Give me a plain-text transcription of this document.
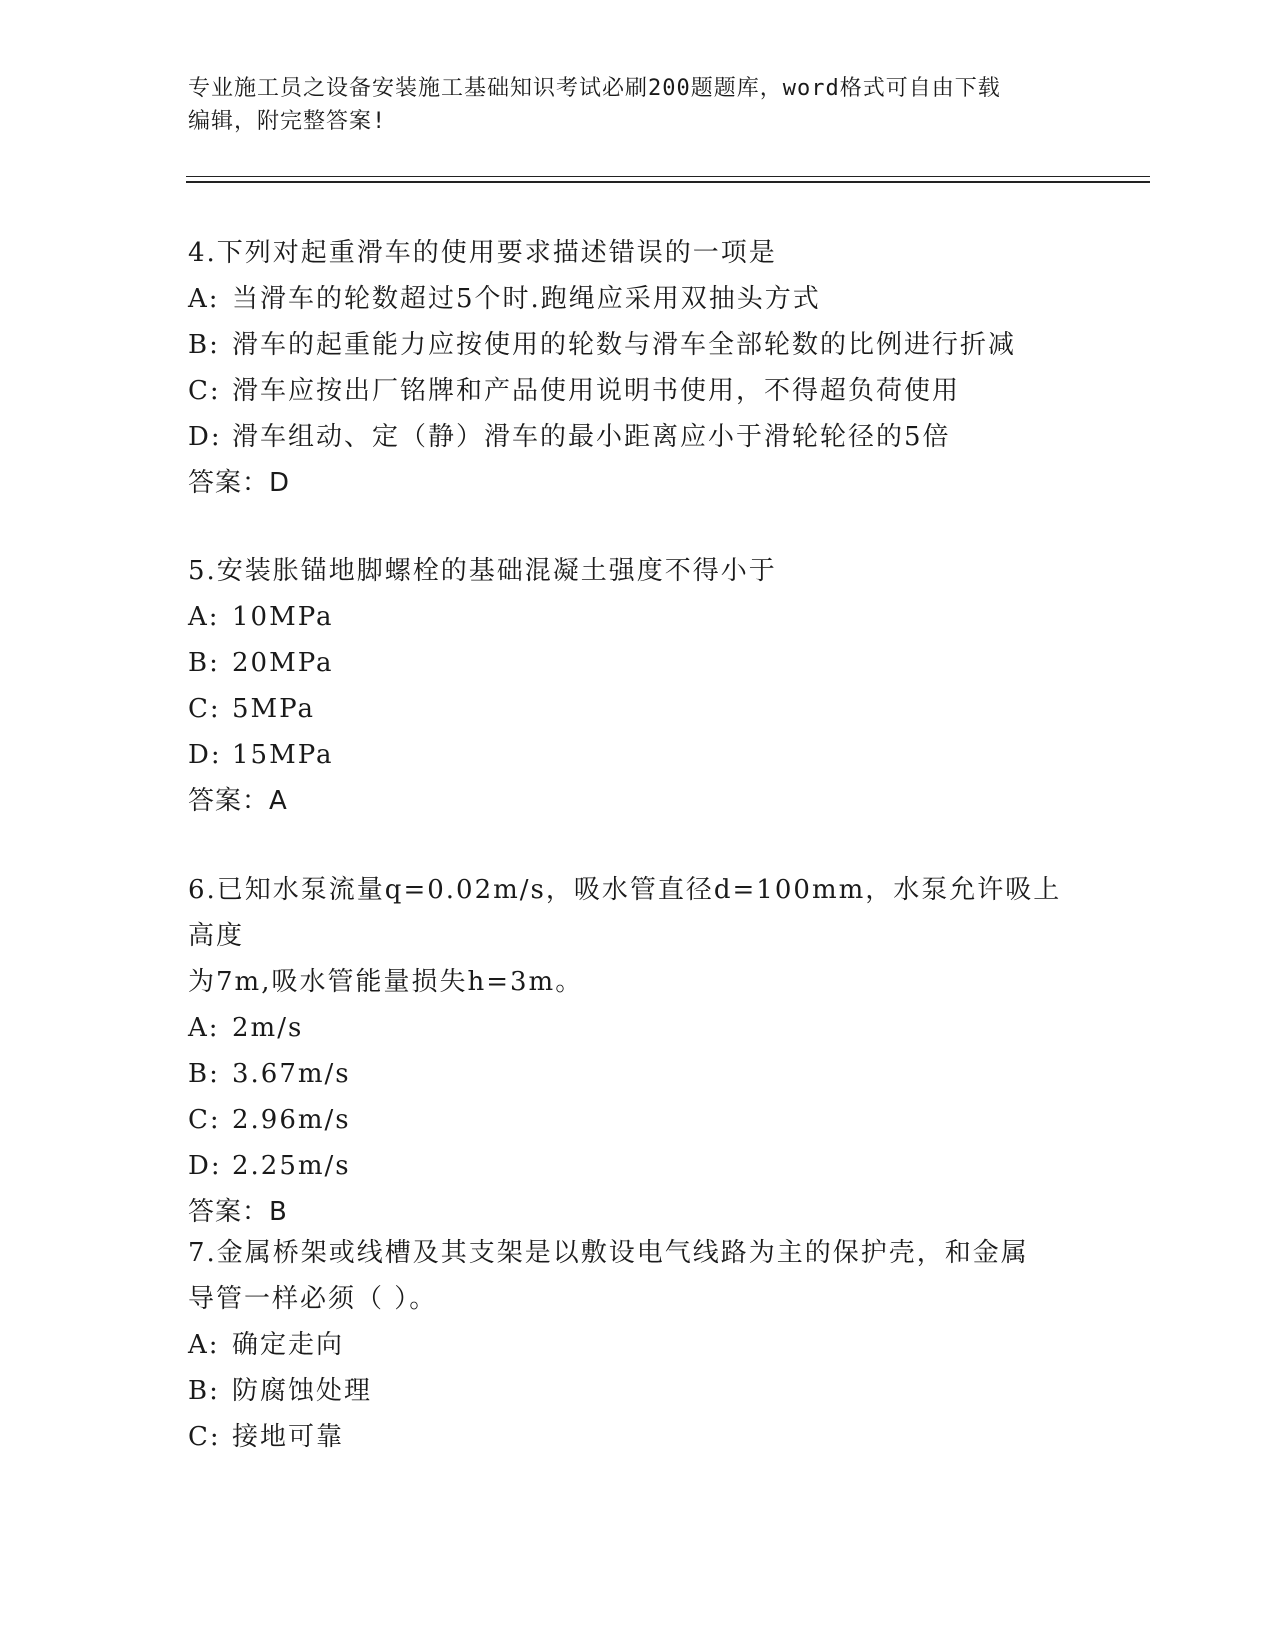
专业施工员之设备安装施工基础知识考试必刷200题题库，word格式可自由下载
编辑，附完整答案!

4.下列对起重滑车的使用要求描述错误的一项是

A: 当滑车的轮数超过5个时.跑绳应采用双抽头方式

B: 滑车的起重能力应按使用的轮数与滑车全部轮数的比例进行折减

C: 滑车应按出厂铭牌和产品使用说明书使用，不得超负荷使用

D: 滑车组动、定（静）滑车的最小距离应小于滑轮轮径的5倍

答案：D

5.安装胀锚地脚螺栓的基础混凝土强度不得小于

A: 10MPa

B: 20MPa

C: 5MPa

D: 15MPa

答案：A

6.已知水泵流量q=0.02m/s，吸水管直径d=100mm，水泵允许吸上高度

为7m,吸水管能量损失h=3m。

A: 2m/s

B: 3.67m/s

C: 2.96m/s

D: 2.25m/s

答案：B

7.金属桥架或线槽及其支架是以敷设电气线路为主的保护壳，和金属

导管一样必须（ ）。

A: 确定走向

B: 防腐蚀处理

C: 接地可靠
